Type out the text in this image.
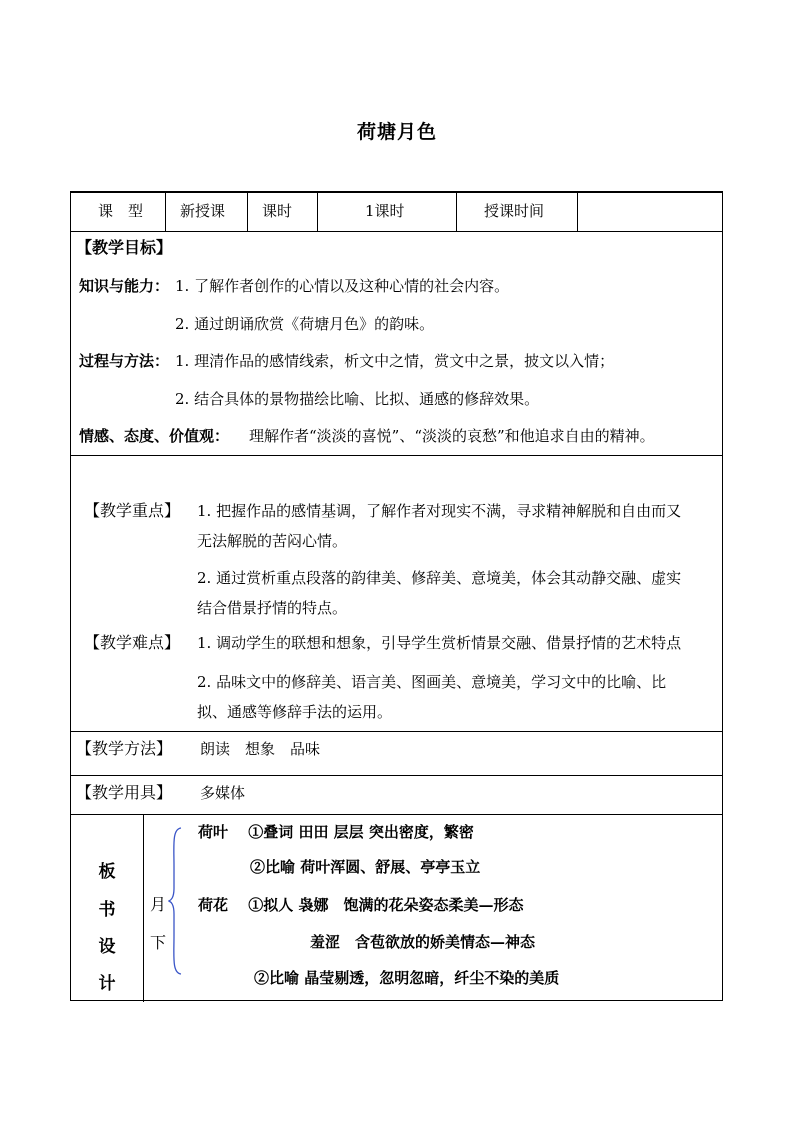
荷塘月色
课　型 新授课 课时	1课时	授课时间
【教学目标】
知识与能力： 1. 了解作者创作的心情以及这种心情的社会内容。
2. 通过朗诵欣赏《荷塘月色》的韵味。
过程与方法： 1. 理清作品的感情线索，析文中之情，赏文中之景，披文以入情；
2. 结合具体的景物描绘比喻、比拟、通感的修辞效果。
情感、态度、价值观： 理解作者“淡淡的喜悦”、“淡淡的哀愁”和他追求自由的精神。
【教学重点】 1. 把握作品的感情基调，了解作者对现实不满，寻求精神解脱和自由而又
无法解脱的苦闷心情。
2. 通过赏析重点段落的韵律美、修辞美、意境美，体会其动静交融、虚实
结合借景抒情的特点。
【教学难点】 1. 调动学生的联想和想象，引导学生赏析情景交融、借景抒情的艺术特点
2. 品味文中的修辞美、语言美、图画美、意境美，学习文中的比喻、比
拟、通感等修辞手法的运用。
【教学方法】 朗读　想象　品味
【教学用具】 多媒体
板
书
设
计
月
下
荷叶　 ①叠词 田田 层层 突出密度，繁密
②比喻 荷叶浑圆、舒展、亭亭玉立
荷花　 ①拟人 袅娜　饱满的花朵姿态柔美—形态
羞涩　含苞欲放的娇美情态—神态
②比喻 晶莹剔透，忽明忽暗，纤尘不染的美质
